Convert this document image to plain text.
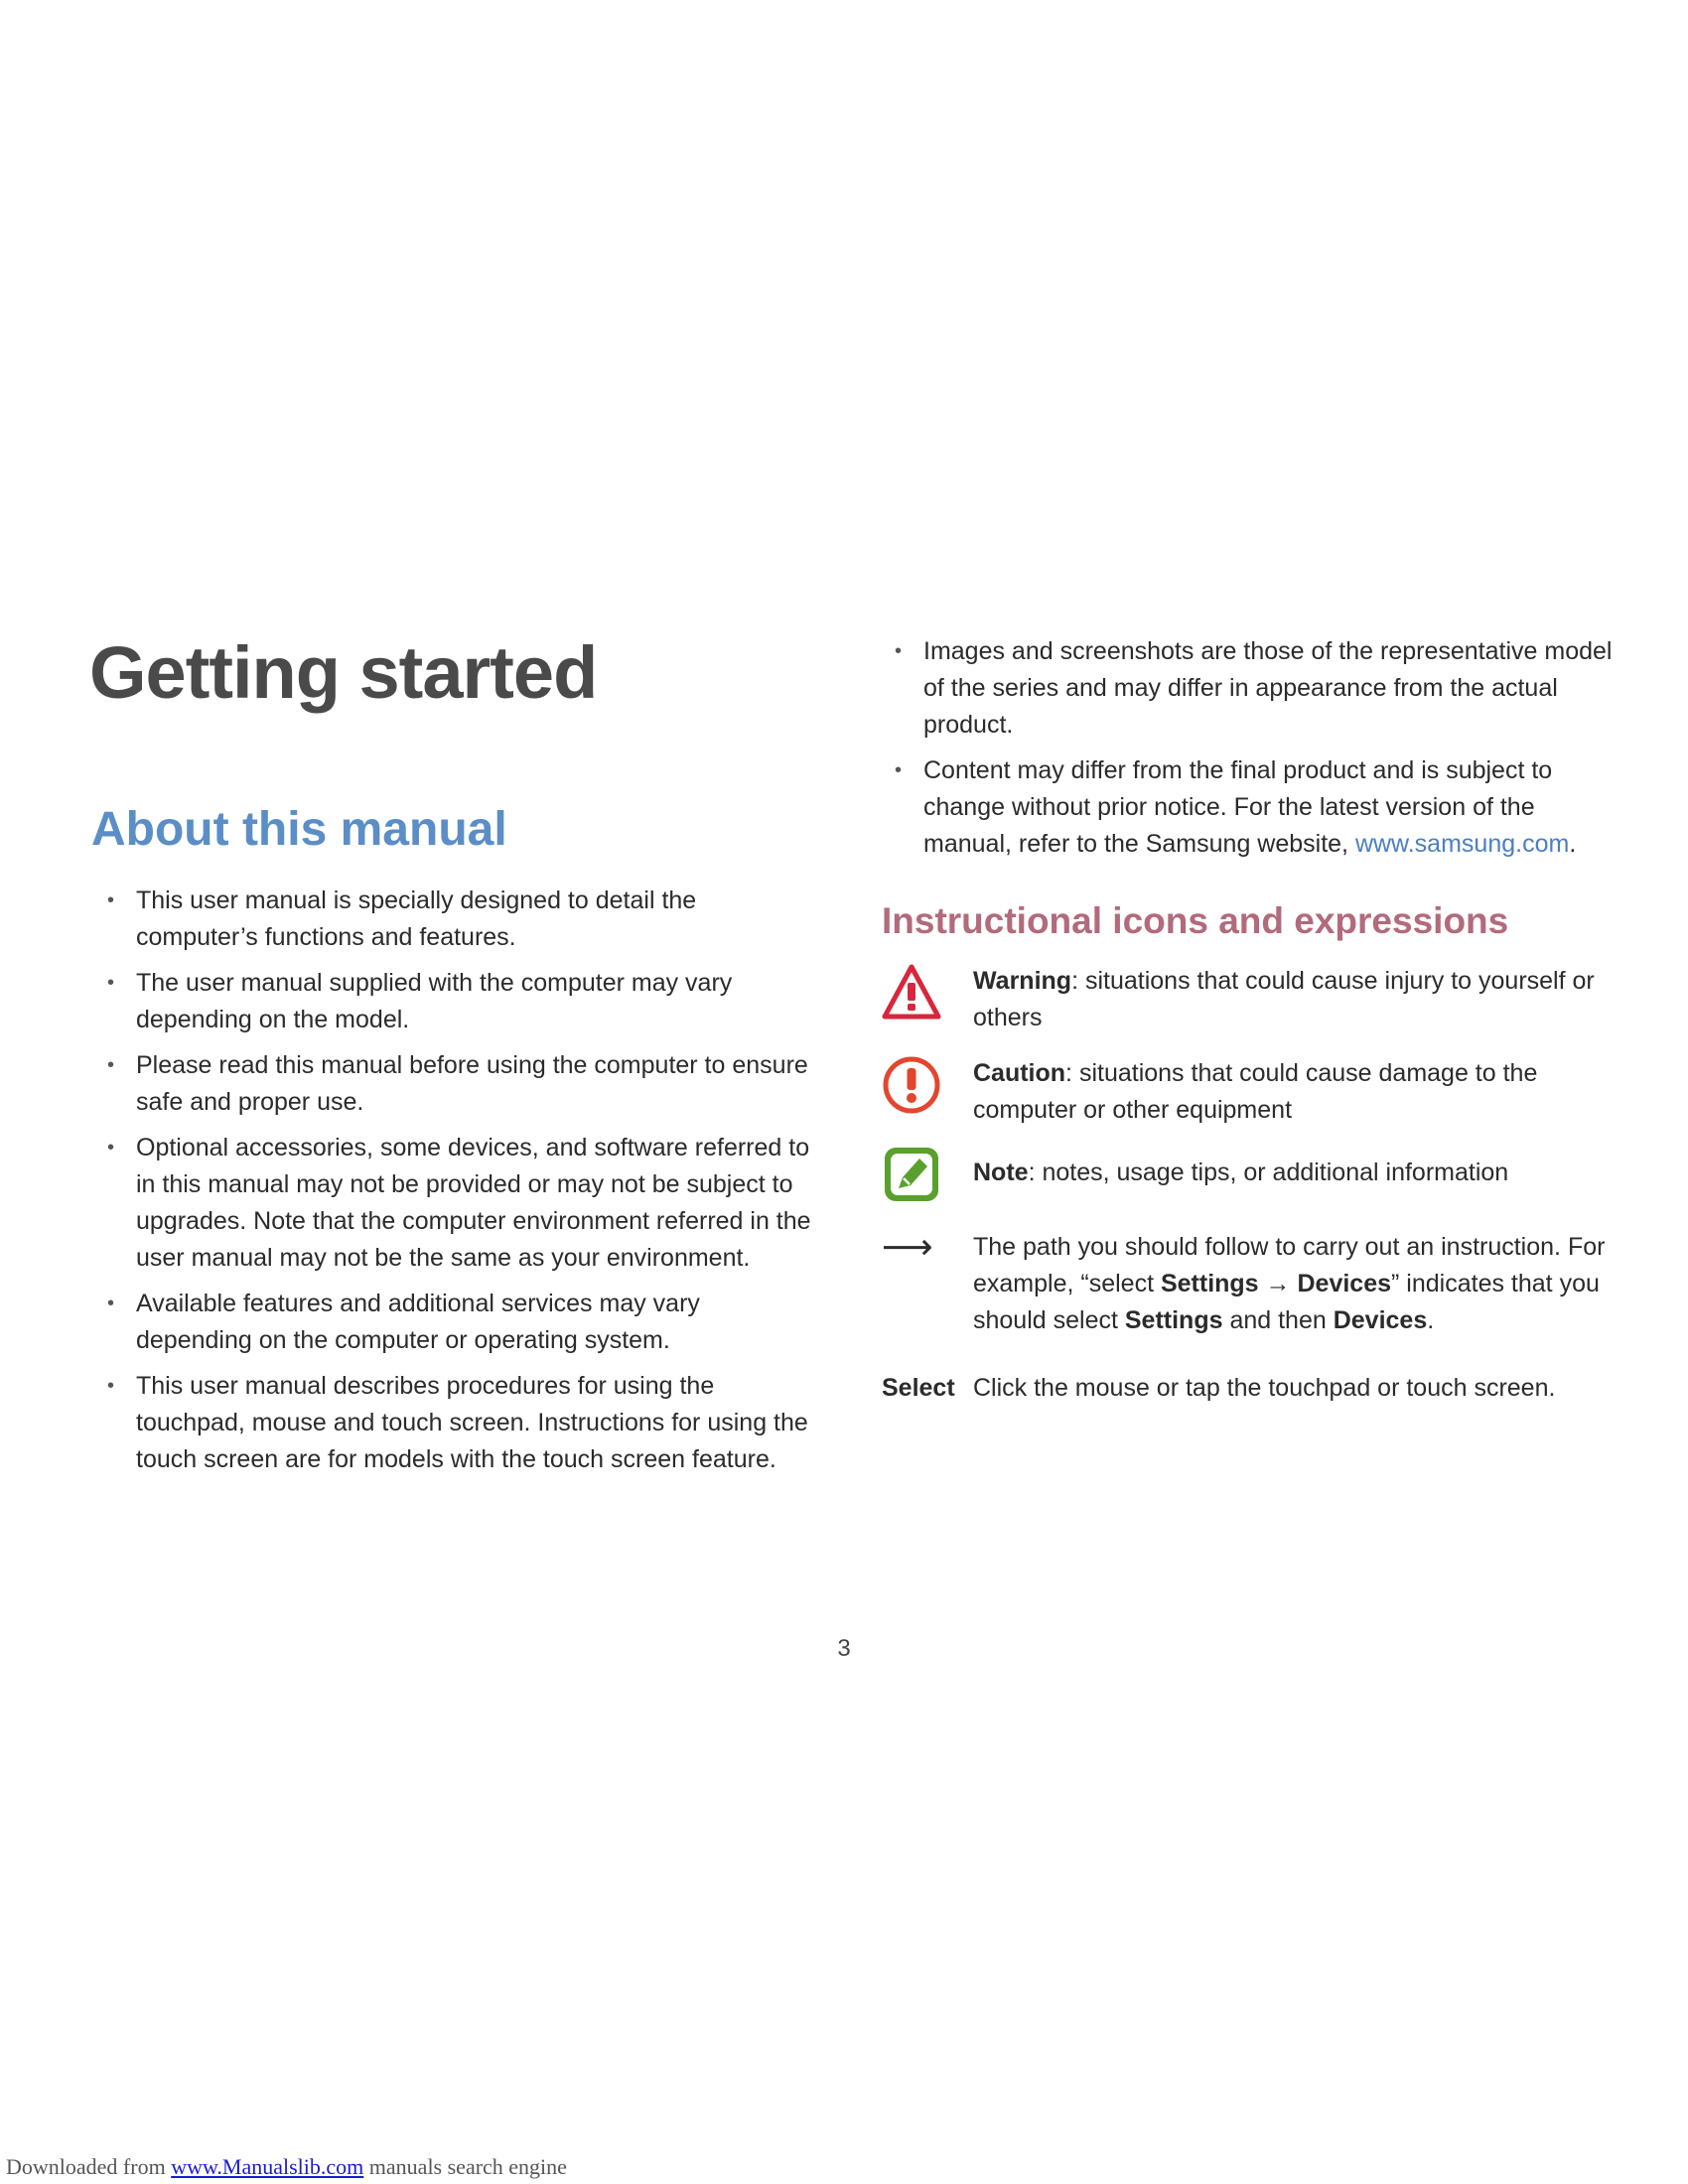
Getting started
About this manual
• This user manual is specially designed to detail the computer’s functions and features.
• The user manual supplied with the computer may vary depending on the model.
• Please read this manual before using the computer to ensure safe and proper use.
• Optional accessories, some devices, and software referred to in this manual may not be provided or may not be subject to upgrades. Note that the computer environment referred in the user manual may not be the same as your environment.
• Available features and additional services may vary depending on the computer or operating system.
• This user manual describes procedures for using the touchpad, mouse and touch screen. Instructions for using the touch screen are for models with the touch screen feature.
• Images and screenshots are those of the representative model of the series and may differ in appearance from the actual product.
• Content may differ from the final product and is subject to change without prior notice. For the latest version of the manual, refer to the Samsung website, www.samsung.com.
Instructional icons and expressions
Warning: situations that could cause injury to yourself or others
Caution: situations that could cause damage to the computer or other equipment
Note: notes, usage tips, or additional information
⟶	The path you should follow to carry out an instruction. For example, “select Settings → Devices” indicates that you should select Settings and then Devices.
Select Click the mouse or tap the touchpad or touch screen.
3
Downloaded from www.Manualslib.com manuals search engine
